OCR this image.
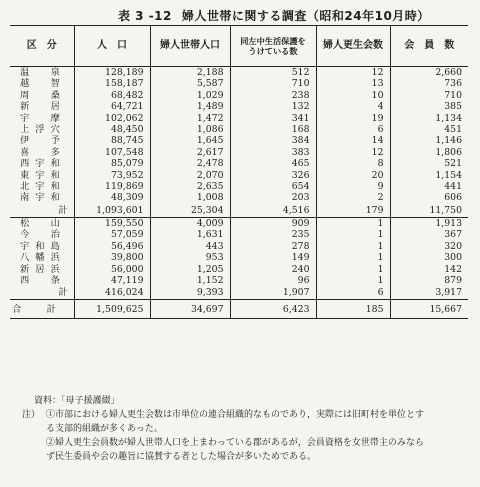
表 3 -12 婦人世帯に関する調査（昭和24年10月時）
区　分	人　口	婦人世帯人口	同左中生活保護をうけている数	婦人更生会数	会　員　数
温　泉	128,189	2,188	512	12	2,660
越　智	158,187	5,587	710	13	736
周　桑	68,482	1,029	238	10	710
新　居	64,721	1,489	132	4	385
宇　摩	102,062	1,472	341	19	1,134
上浮穴	48,450	1,086	168	6	451
伊　予	88,745	1,645	384	14	1,146
喜　多	107,548	2,617	383	12	1,806
西宇和	85,079	2,478	465	8	521
東宇和	73,952	2,070	326	20	1,154
北宇和	119,869	2,635	654	9	441
南宇和	48,309	1,008	203	2	606
計	1,093,601	25,304	4,516	179	11,750
松　山	159,550	4,009	909	1	1,913
今　治	57,059	1,631	235	1	367
宇和島	56,496	443	278	1	320
八幡浜	39,800	953	149	1	300
新居浜	56,000	1,205	240	1	142
西　条	47,119	1,152	96	1	879
計	416,024	9,393	1,907	6	3,917
合　計	1,509,625	34,697	6,423	185	15,667
資料：「母子援護綴」
注） ①市部における婦人更生会数は市単位の連合組織的なものであり，実際には旧町村を単位とす
る支部的組織が多くあった。
②婦人更生会員数が婦人世帯人口を上まわっている郡があるが，会員資格を女世帯主のみなら
ず民生委員や会の趣旨に協賛する者とした場合が多いためである。
